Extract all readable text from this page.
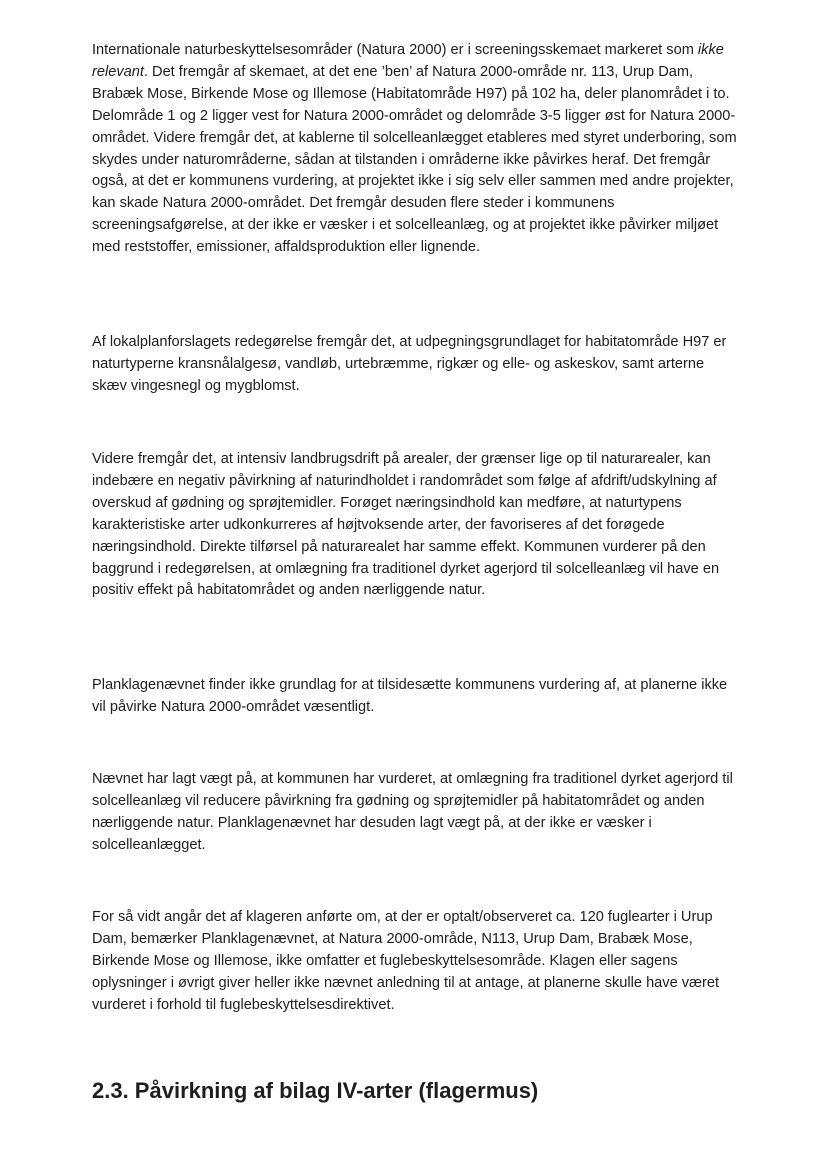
Internationale naturbeskyttelsesområder (Natura 2000) er i screeningsskemaet markeret som ikke relevant. Det fremgår af skemaet, at det ene ’ben’ af Natura 2000-område nr. 113, Urup Dam, Brabæk Mose, Birkende Mose og Illemose (Habitatområde H97) på 102 ha, deler planområdet i to. Delområde 1 og 2 ligger vest for Natura 2000-området og delområde 3-5 ligger øst for Natura 2000-området. Videre fremgår det, at kablerne til solcelleanlægget etableres med styret underboring, som skydes under naturområderne, sådan at tilstanden i områderne ikke påvirkes heraf. Det fremgår også, at det er kommunens vurdering, at projektet ikke i sig selv eller sammen med andre projekter, kan skade Natura 2000-området. Det fremgår desuden flere steder i kommunens screeningsafgørelse, at der ikke er væsker i et solcelleanlæg, og at projektet ikke påvirker miljøet med reststoffer, emissioner, affaldsproduktion eller lignende.

Af lokalplanforslagets redegørelse fremgår det, at udpegningsgrundlaget for habitatområde H97 er naturtyperne kransnålalgesø, vandløb, urtebræmme, rigkær og elle- og askeskov, samt arterne skæv vingesnegl og mygblomst.

Videre fremgår det, at intensiv landbrugsdrift på arealer, der grænser lige op til naturarealer, kan indebære en negativ påvirkning af naturindholdet i randområdet som følge af afdrift/udskylning af overskud af gødning og sprøjtemidler. Forøget næringsindhold kan medføre, at naturtypens karakteristiske arter udkonkurreres af højtvoksende arter, der favoriseres af det forøgede næringsindhold. Direkte tilførsel på naturarealet har samme effekt. Kommunen vurderer på den baggrund i redegørelsen, at omlægning fra traditionel dyrket agerjord til solcelleanlæg vil have en positiv effekt på habitatområdet og anden nærliggende natur.

Planklagenævnet finder ikke grundlag for at tilsidesætte kommunens vurdering af, at planerne ikke vil påvirke Natura 2000-området væsentligt.

Nævnet har lagt vægt på, at kommunen har vurderet, at omlægning fra traditionel dyrket agerjord til solcelleanlæg vil reducere påvirkning fra gødning og sprøjtemidler på habitatområdet og anden nærliggende natur. Planklagenævnet har desuden lagt vægt på, at der ikke er væsker i solcelleanlægget.

For så vidt angår det af klageren anførte om, at der er optalt/observeret ca. 120 fuglearter i Urup Dam, bemærker Planklagenævnet, at Natura 2000-område, N113, Urup Dam, Brabæk Mose, Birkende Mose og Illemose, ikke omfatter et fuglebeskyttelsesområde. Klagen eller sagens oplysninger i øvrigt giver heller ikke nævnet anledning til at antage, at planerne skulle have været vurderet i forhold til fuglebeskyttelsesdirektivet.

2.3. Påvirkning af bilag IV-arter (flagermus)
